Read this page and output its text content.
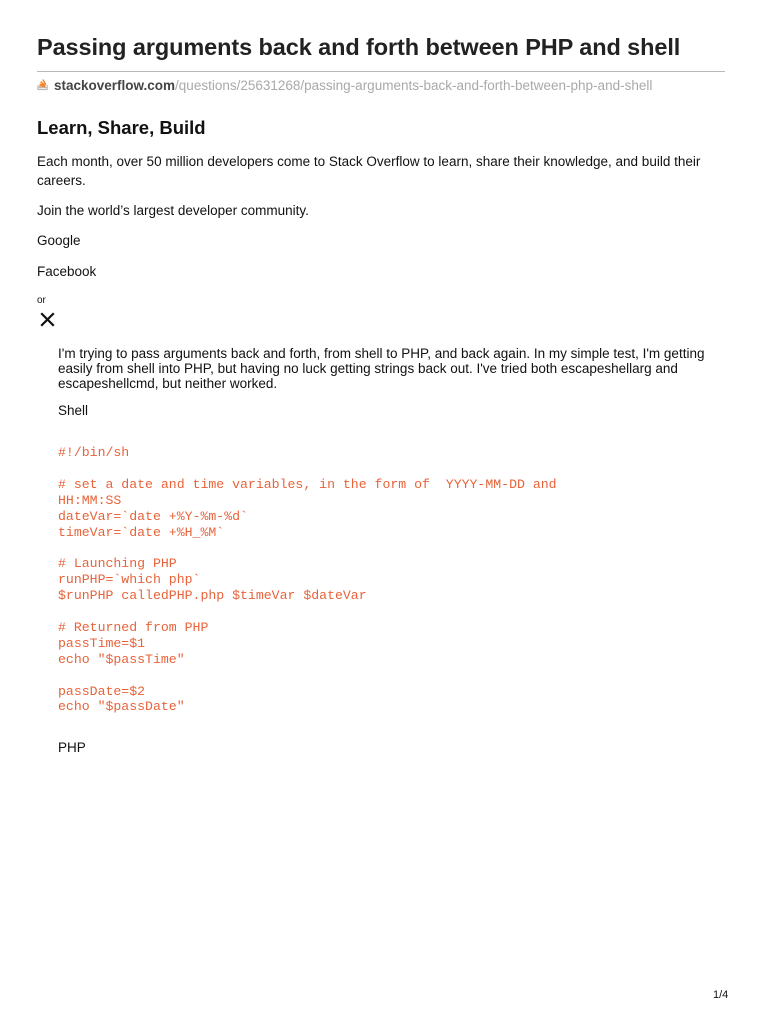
Passing arguments back and forth between PHP and shell
stackoverflow.com/questions/25631268/passing-arguments-back-and-forth-between-php-and-shell
Learn, Share, Build

Each month, over 50 million developers come to Stack Overflow to learn, share their knowledge, and build their careers.

Join the world’s largest developer community.

Google

Facebook

or

I'm trying to pass arguments back and forth, from shell to PHP, and back again. In my simple test, I'm getting easily from shell into PHP, but having no luck getting strings back out. I've tried both escapeshellarg and escapeshellcmd, but neither worked.

Shell

#!/bin/sh
# set a date and time variables, in the form of  YYYY-MM-DD and
HH:MM:SS
dateVar=`date +%Y-%m-%d`
timeVar=`date +%H_%M`
# Launching PHP
runPHP=`which php`
$runPHP calledPHP.php $timeVar $dateVar
# Returned from PHP
passTime=$1
echo "$passTime"
passDate=$2
echo "$passDate"

PHP

1/4
